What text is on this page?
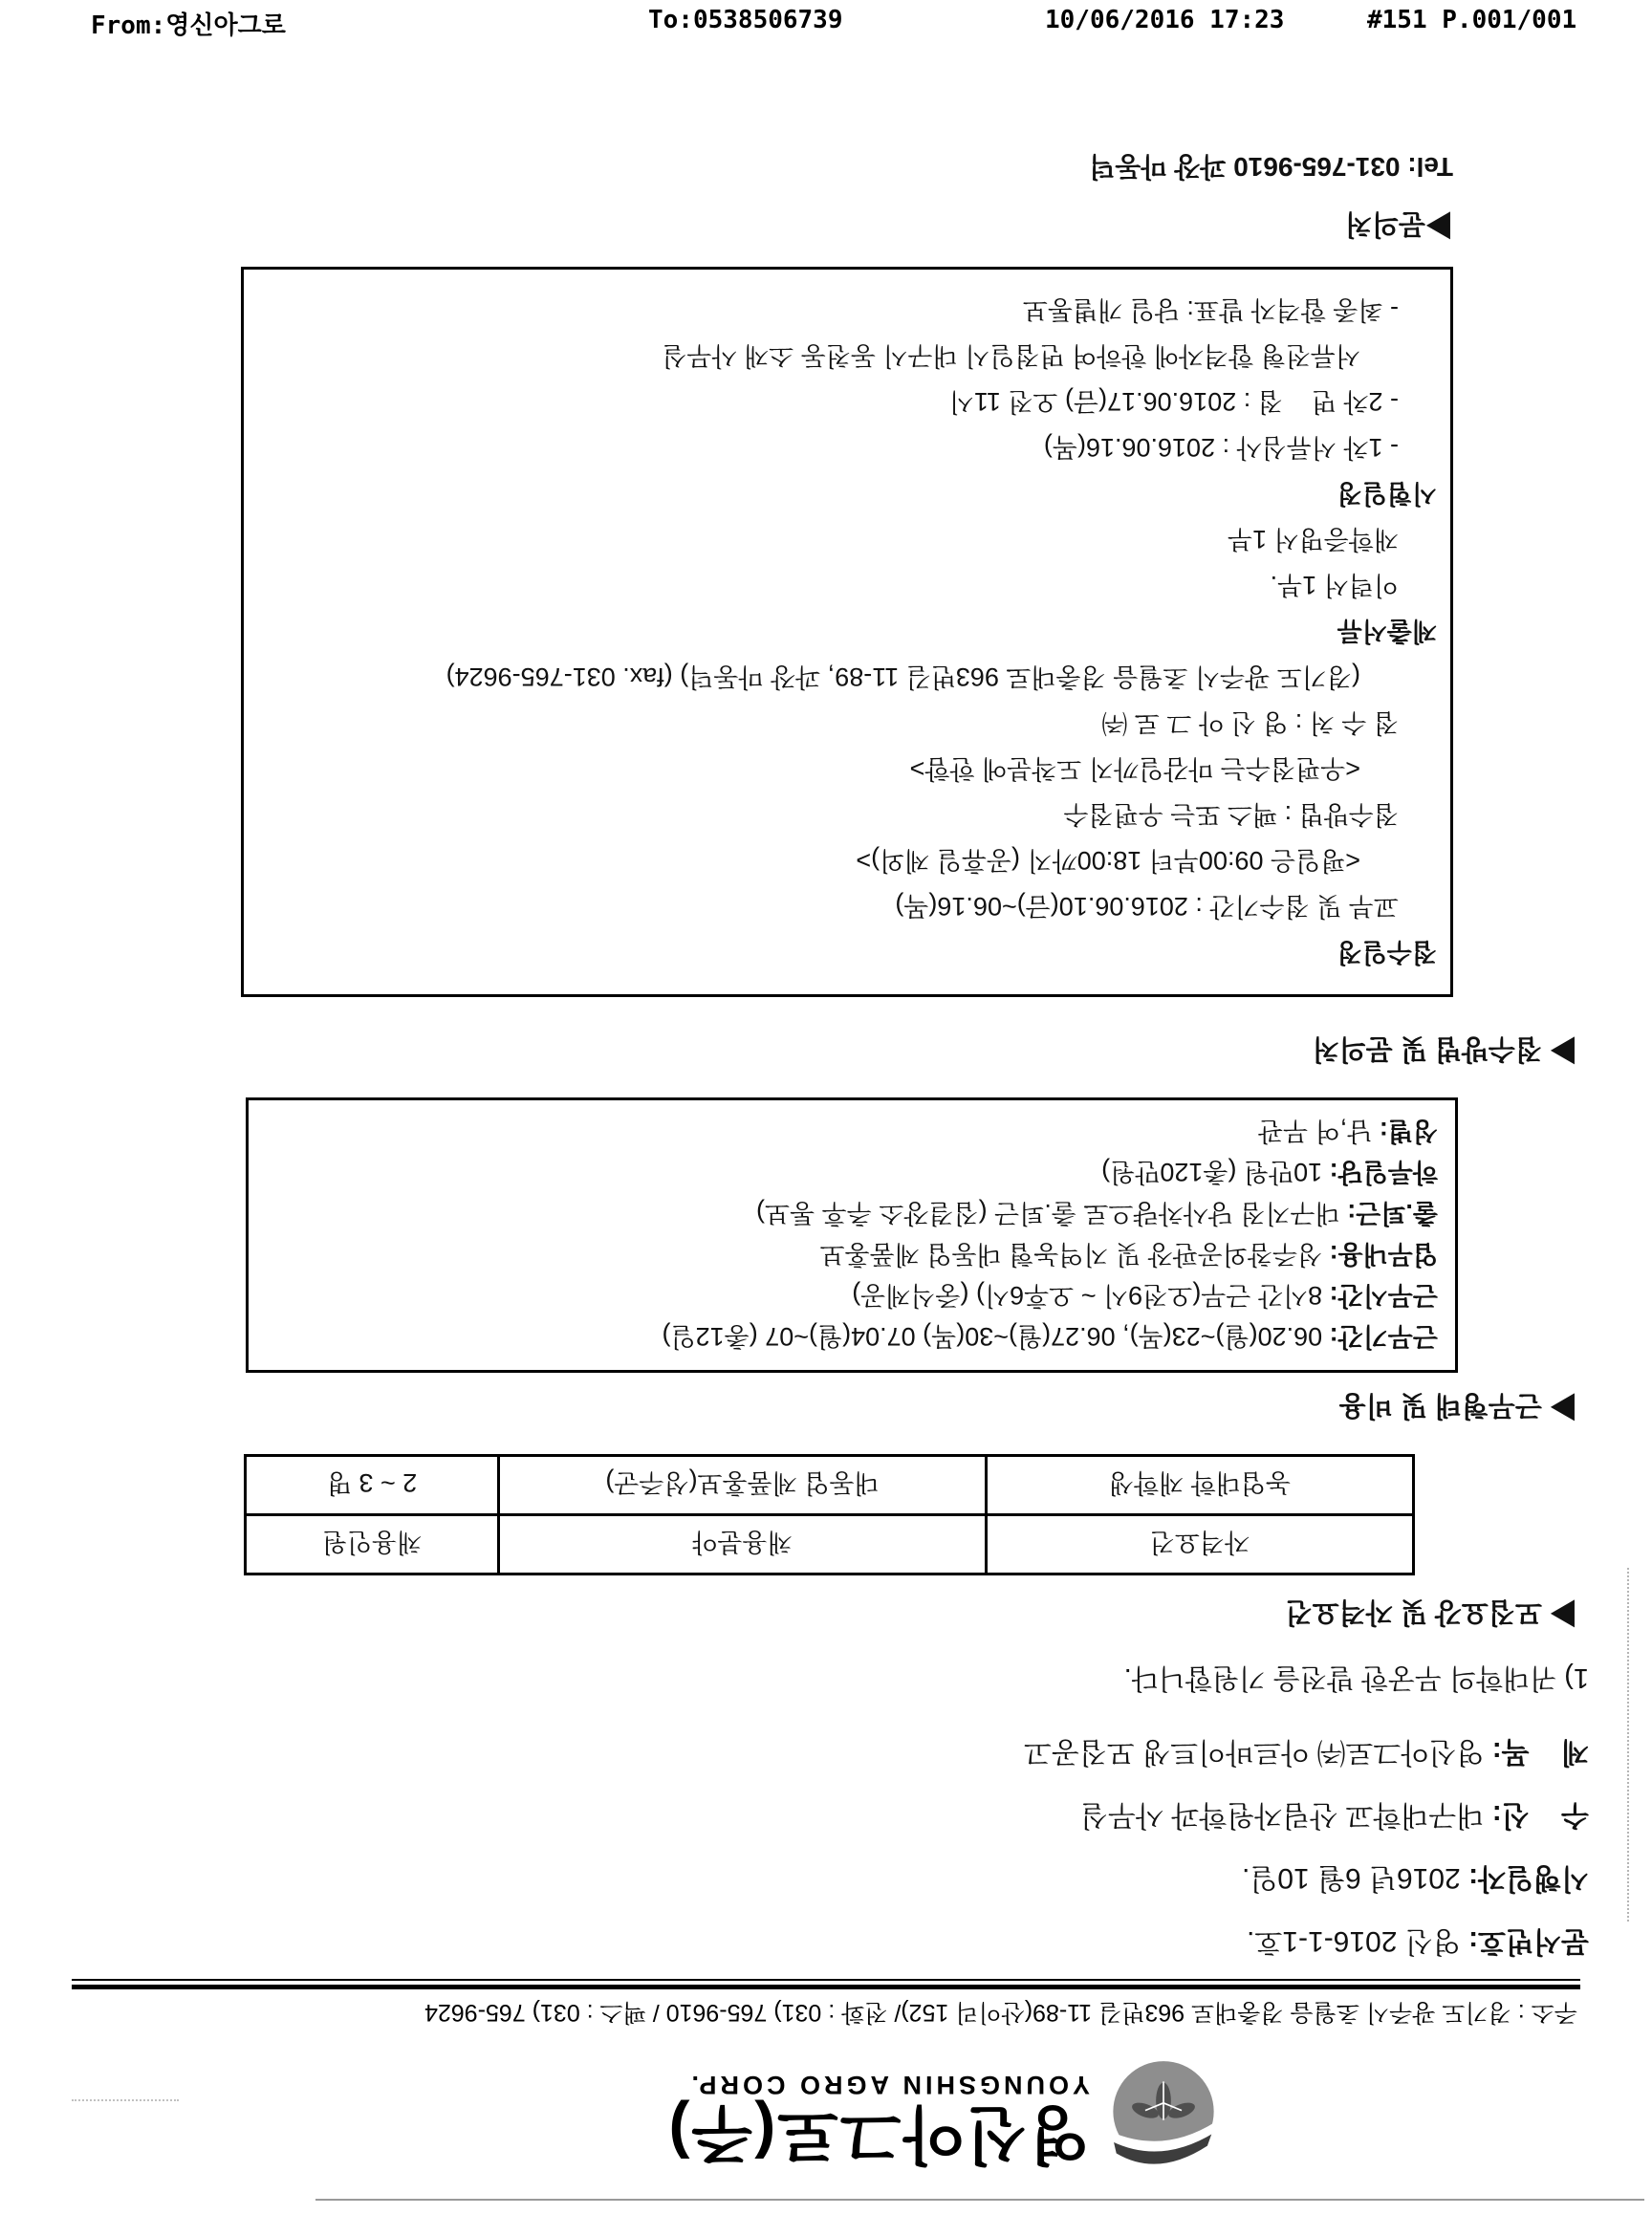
From:영신아그로	To:0538506739	10/06/2016 17:23	#151 P.001/001
영신아그로(주)
YOUNGSHIN AGRO CORP.
주소 : 경기도 광주시 초월읍 경충대로 963번길 11-89(산이리 152)/ 전화 : 031) 765-9610 / 팩스 : 031) 765-9624
문서번호: 영신 2016-1-1호.
시행일자: 2016년 6월 10일.
수    신: 대구대학교 산림자원학과 사무실
제    목: 영신아그로㈜ 아르바이트생 모집공고
1) 귀대학의 무궁한 발전을 기원합니다.
▶ 모집요강 및 자격요건
자격요건	채용분야	채용인원
농업대학 재학생	대동업 제품홍보(성주군)	2 ~ 3 명
▶ 근무형태 및 비용
근무기간: 06.20(월)~23(목), 06.27(월)~30(목) 07.04(월)~07 (총12일)
근무시간: 8시간 근무(오전9시 ~ 오후6시) (중식제공)
업무내용: 성주참외공판장 및 지역농협 대동업 제품홍보
출.퇴근: 대구지점 당사차량으로 출.퇴근 (집결장소 추후 통보)
하루일당: 10만원 (총120만원)
성별: 남,여 무관
▶ 접수방법 및 문의처
접수일정
교부 및 접수기간 : 2016.06.10(금)~06.16(목)
<평일은 09:00부터 18:00까지 (공휴일 제외)>
접수방법 : 팩스 또는 우편접수
<우편접수는 마감일까지 도착분에 한함>
접 수 처 : 영 신 아 그 로 ㈜
(경기도 광주시 초월읍 경충대로 963번길 11-89, 과장 마동덕) (fax. 031-765-9624)
제출서류
이력서 1부.
재학증명서 1부
시험일정
- 1차 서류심사 : 2016.06.16(목)
- 2차 면    접 : 2016.06.17(금) 오전 11시
서류전형 합격자에 한하여 면접일시 대구시 동천동 소재 사무실
- 최종 합격자 발표: 당일 개별통보
▶문의처
Tel: 031-765-9610 과장 마동덕
